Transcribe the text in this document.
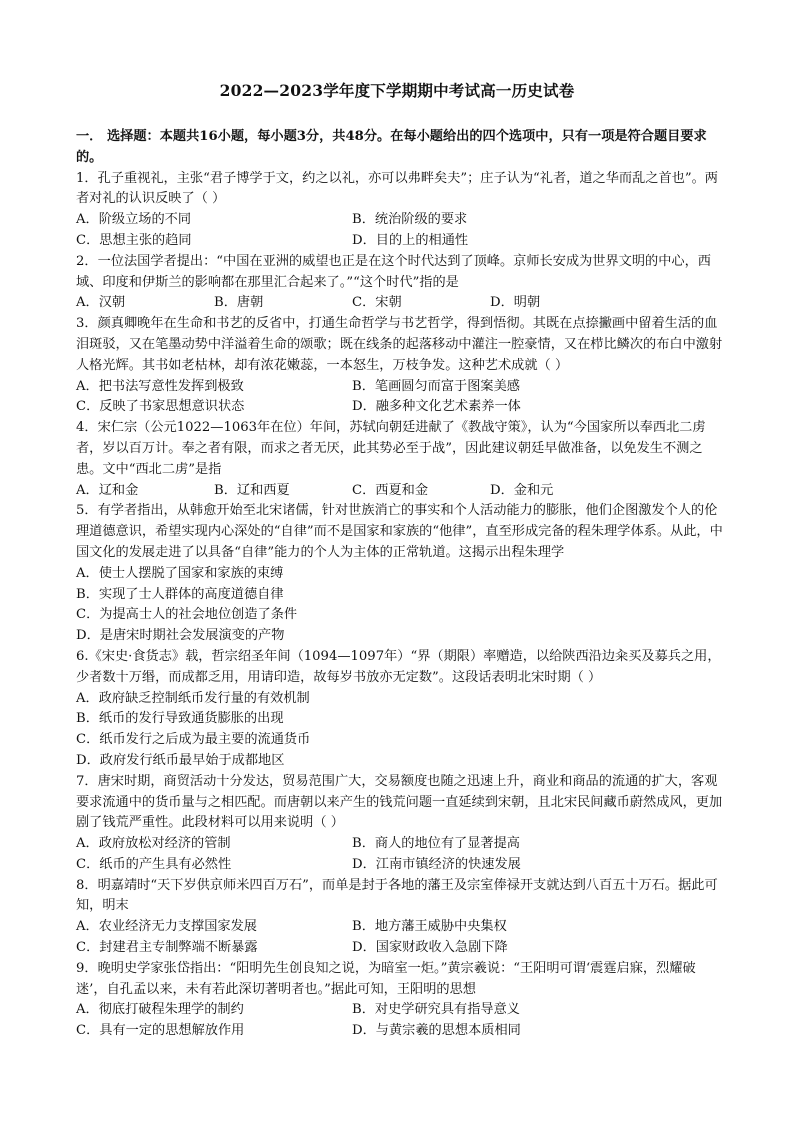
2022—2023学年度下学期期中考试高一历史试卷
一． 选择题：本题共16小题，每小题3分，共48分。在每小题给出的四个选项中，只有一项是符合题目要求的。
1．孔子重视礼，主张“君子博学于文，约之以礼，亦可以弗畔矣夫”；庄子认为“礼者，道之华而乱之首也”。两者对礼的认识反映了（ ）
A．阶级立场的不同	B．统治阶级的要求
C．思想主张的趋同	D．目的上的相通性
2．一位法国学者提出：“中国在亚洲的威望也正是在这个时代达到了顶峰。京师长安成为世界文明的中心，西域、印度和伊斯兰的影响都在那里汇合起来了。”“这个时代”指的是
A．汉朝	B．唐朝	C．宋朝	D．明朝
3．颜真卿晚年在生命和书艺的反省中，打通生命哲学与书艺哲学，得到悟彻。其既在点捺撇画中留着生活的血泪斑驳，又在笔墨动势中洋溢着生命的颂歌；既在线条的起落移动中灌注一腔豪情，又在栉比鳞次的布白中激射人格光辉。其书如老枯林，却有浓花嫩蕊，一本怒生，万枝争发。这种艺术成就（ ）
A．把书法写意性发挥到极致	B．笔画圆匀而富于图案美感
C．反映了书家思想意识状态	D．融多种文化艺术素养一体
4．宋仁宗（公元1022—1063年在位）年间，苏轼向朝廷进献了《教战守策》，认为“今国家所以奉西北二虏者，岁以百万计。奉之者有限，而求之者无厌，此其势必至于战”，因此建议朝廷早做准备，以免发生不测之患。文中“西北二虏”是指
A．辽和金	B．辽和西夏	C．西夏和金	D．金和元
5．有学者指出，从韩愈开始至北宋诸儒，针对世族消亡的事实和个人活动能力的膨胀，他们企图激发个人的伦理道德意识，希望实现内心深处的“自律”而不是国家和家族的“他律”，直至形成完备的程朱理学体系。从此，中国文化的发展走进了以具备“自律”能力的个人为主体的正常轨道。这揭示出程朱理学
A．使士人摆脱了国家和家族的束缚
B．实现了士人群体的高度道德自律
C．为提高士人的社会地位创造了条件
D．是唐宋时期社会发展演变的产物
6.《宋史·食货志》载，哲宗绍圣年间（1094—1097年）“界（期限）率赠造，以给陕西沿边籴买及募兵之用，少者数十万缗，而成都乏用，用请印造，故每岁书放亦无定数”。这段话表明北宋时期（ ）
A．政府缺乏控制纸币发行量的有效机制
B．纸币的发行导致通货膨胀的出现
C．纸币发行之后成为最主要的流通货币
D．政府发行纸币最早始于成都地区
7．唐宋时期，商贸活动十分发达，贸易范围广大，交易额度也随之迅速上升，商业和商品的流通的扩大，客观要求流通中的货币量与之相匹配。而唐朝以来产生的钱荒问题一直延续到宋朝，且北宋民间藏币蔚然成风，更加剧了钱荒严重性。此段材料可以用来说明（ ）
A．政府放松对经济的管制	B．商人的地位有了显著提高
C．纸币的产生具有必然性	D．江南市镇经济的快速发展
8．明嘉靖时“天下岁供京师米四百万石”，而单是封于各地的藩王及宗室俸禄开支就达到八百五十万石。据此可知，明末
A．农业经济无力支撑国家发展	B．地方藩王威胁中央集权
C．封建君主专制弊端不断暴露	D．国家财政收入急剧下降
9．晚明史学家张岱指出：“阳明先生创良知之说，为暗室一炬。”黄宗羲说：“王阳明可谓‘震霆启寐，烈耀破迷’，自孔孟以来，未有若此深切著明者也。”据此可知，王阳明的思想
A．彻底打破程朱理学的制约	B．对史学研究具有指导意义
C．具有一定的思想解放作用	D．与黄宗羲的思想本质相同
